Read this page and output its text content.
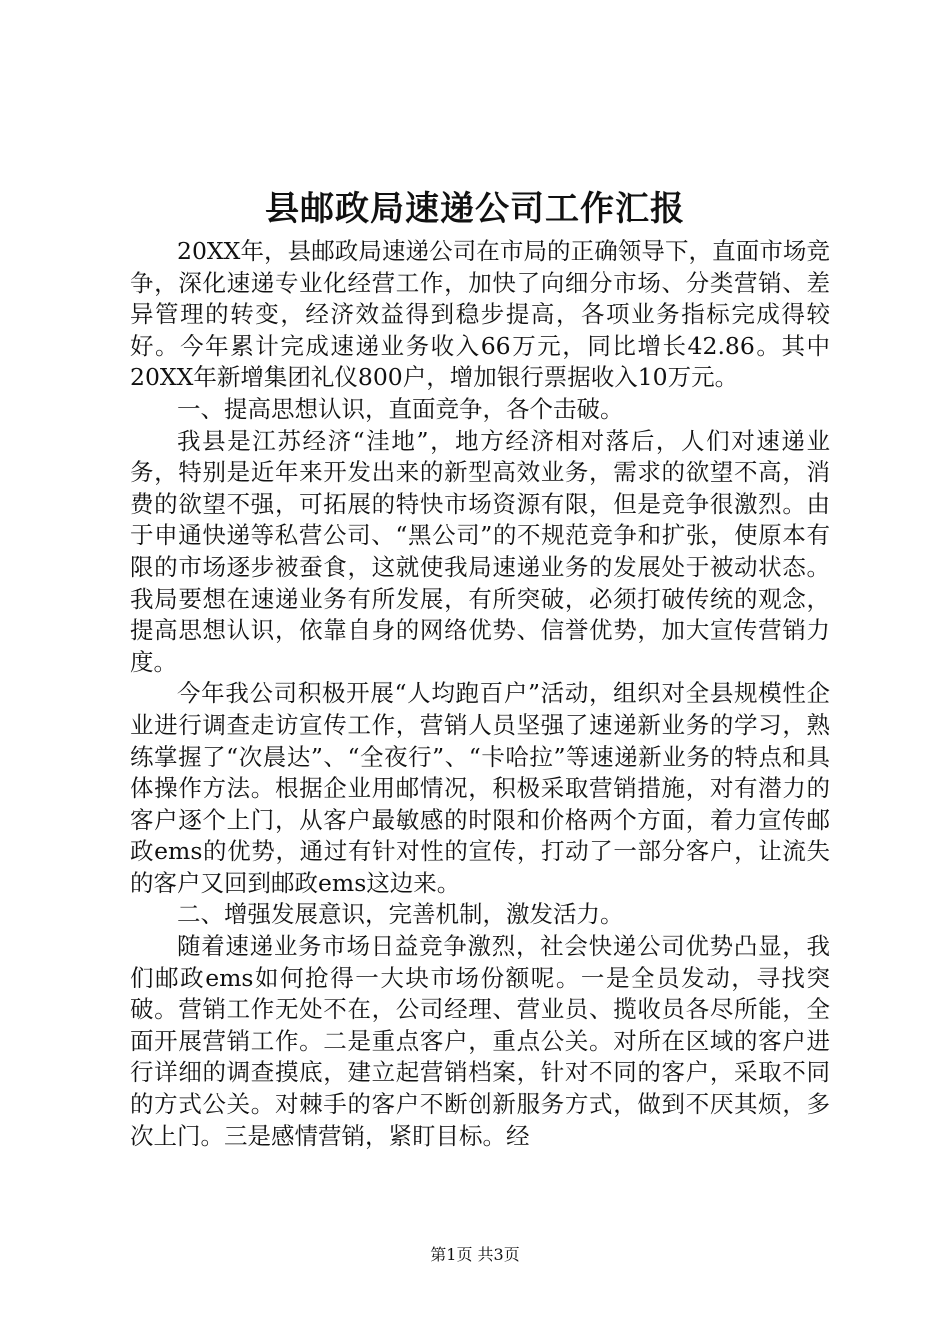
县邮政局速递公司工作汇报

20XX年，县邮政局速递公司在市局的正确领导下，直面市场竞争，深化速递专业化经营工作，加快了向细分市场、分类营销、差异管理的转变，经济效益得到稳步提高，各项业务指标完成得较好。今年累计完成速递业务收入66万元，同比增长42.86。其中20XX年新增集团礼仪800户，增加银行票据收入10万元。

一、提高思想认识，直面竞争，各个击破。

我县是江苏经济“洼地”，地方经济相对落后，人们对速递业务，特别是近年来开发出来的新型高效业务，需求的欲望不高，消费的欲望不强，可拓展的特快市场资源有限，但是竞争很激烈。由于申通快递等私营公司、“黑公司”的不规范竞争和扩张，使原本有限的市场逐步被蚕食，这就使我局速递业务的发展处于被动状态。我局要想在速递业务有所发展，有所突破，必须打破传统的观念，提高思想认识，依靠自身的网络优势、信誉优势，加大宣传营销力度。

今年我公司积极开展“人均跑百户”活动，组织对全县规模性企业进行调查走访宣传工作，营销人员坚强了速递新业务的学习，熟练掌握了“次晨达”、“全夜行”、“卡哈拉”等速递新业务的特点和具体操作方法。根据企业用邮情况，积极采取营销措施，对有潜力的客户逐个上门，从客户最敏感的时限和价格两个方面，着力宣传邮政ems的优势，通过有针对性的宣传，打动了一部分客户，让流失的客户又回到邮政ems这边来。

二、增强发展意识，完善机制，激发活力。

随着速递业务市场日益竞争激烈，社会快递公司优势凸显，我们邮政ems如何抢得一大块市场份额呢。一是全员发动，寻找突破。营销工作无处不在，公司经理、营业员、揽收员各尽所能，全面开展营销工作。二是重点客户，重点公关。对所在区域的客户进行详细的调查摸底，建立起营销档案，针对不同的客户，采取不同的方式公关。对棘手的客户不断创新服务方式，做到不厌其烦，多次上门。三是感情营销，紧盯目标。经

第1页 共3页
